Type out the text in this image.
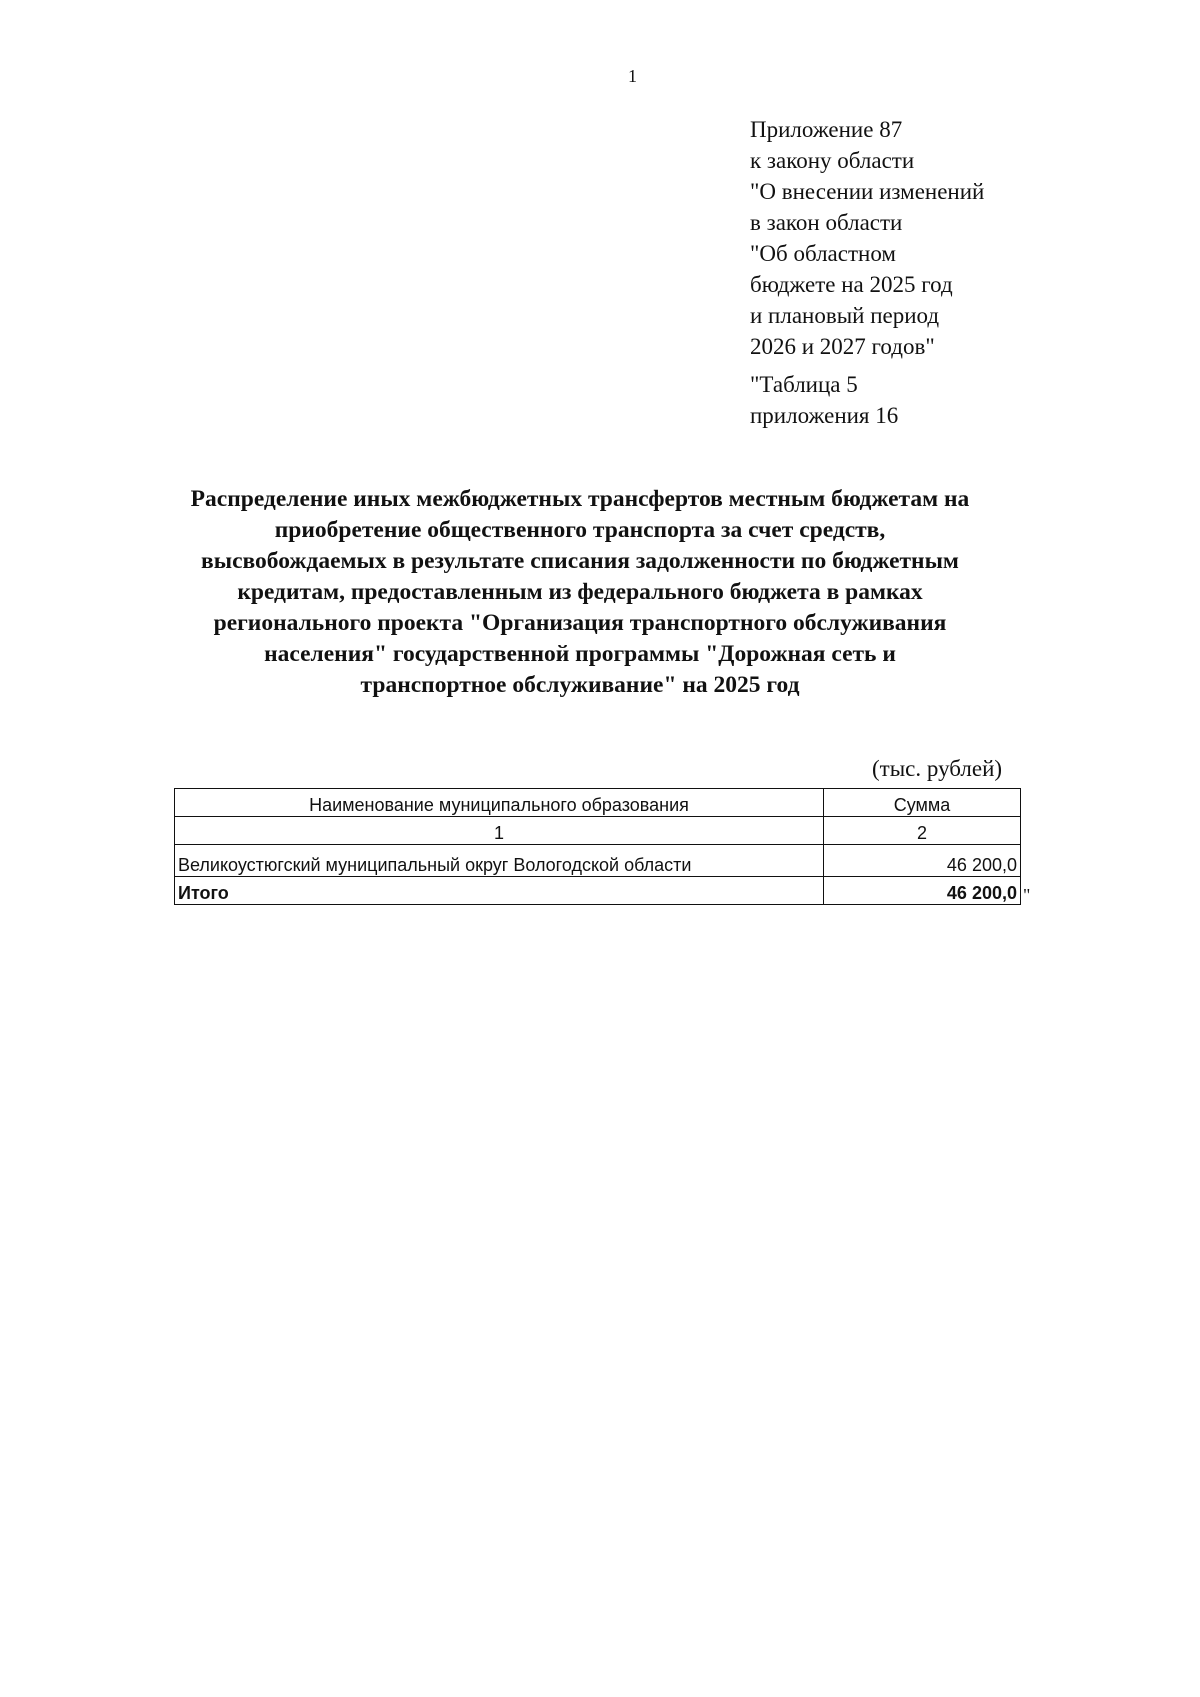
1
Приложение 87
к закону области
"О внесении изменений
в закон области
"Об областном
бюджете на 2025 год
и плановый период
2026 и 2027 годов"
"Таблица 5
приложения 16
Распределение иных межбюджетных трансфертов местным бюджетам на
приобретение общественного транспорта за счет средств,
высвобождаемых в результате списания задолженности по бюджетным
кредитам, предоставленным из федерального бюджета в рамках
регионального проекта "Организация транспортного обслуживания
населения" государственной программы "Дорожная сеть и
транспортное обслуживание" на 2025 год
(тыс. рублей)
Наименование муниципального образования	Сумма
1	2
Великоустюгский муниципальный округ Вологодской области	46 200,0
Итого	46 200,0 "
